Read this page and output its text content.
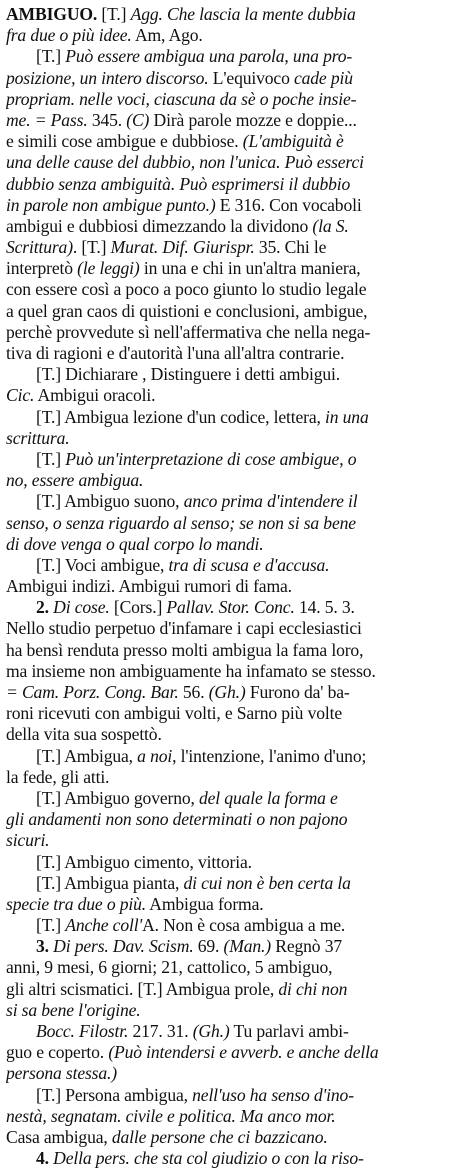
AMBIGUO. [T.] Agg. Che lascia la mente dubbia
fra due o più idee. Am, Ago.
[T.] Può essere ambigua una parola, una pro-
posizione, un intero discorso. L'equivoco cade più
propriam. nelle voci, ciascuna da sè o poche insie-
me. = Pass. 345. (C) Dirà parole mozze e doppie...
e simili cose ambigue e dubbiose. (L'ambiguità è
una delle cause del dubbio, non l'unica. Può esserci
dubbio senza ambiguità. Può esprimersi il dubbio
in parole non ambigue punto.) E 316. Con vocaboli
ambigui e dubbiosi dimezzando la dividono (la S.
Scrittura). [T.] Murat. Dif. Giurispr. 35. Chi le
interpretò (le leggi) in una e chi in un'altra maniera,
con essere così a poco a poco giunto lo studio legale
a quel gran caos di quistioni e conclusioni, ambigue,
perchè provvedute sì nell'affermativa che nella nega-
tiva di ragioni e d'autorità l'una all'altra contrarie.
[T.] Dichiarare , Distinguere i detti ambigui.
Cic. Ambigui oracoli.
[T.] Ambigua lezione d'un codice, lettera, in una
scrittura.
[T.] Può un'interpretazione di cose ambigue, o
no, essere ambigua.
[T.] Ambiguo suono, anco prima d'intendere il
senso, o senza riguardo al senso; se non si sa bene
di dove venga o qual corpo lo mandi.
[T.] Voci ambigue, tra di scusa e d'accusa.
Ambigui indizi. Ambigui rumori di fama.
2. Di cose. [Cors.] Pallav. Stor. Conc. 14. 5. 3.
Nello studio perpetuo d'infamare i capi ecclesiastici
ha bensì renduta presso molti ambigua la fama loro,
ma insieme non ambiguamente ha infamato se stesso.
= Cam. Porz. Cong. Bar. 56. (Gh.) Furono da' ba-
roni ricevuti con ambigui volti, e Sarno più volte
della vita sua sospettò.
[T.] Ambigua, a noi, l'intenzione, l'animo d'uno;
la fede, gli atti.
[T.] Ambiguo governo, del quale la forma e
gli andamenti non sono determinati o non pajono
sicuri.
[T.] Ambiguo cimento, vittoria.
[T.] Ambigua pianta, di cui non è ben certa la
specie tra due o più. Ambigua forma.
[T.] Anche coll'A. Non è cosa ambigua a me.
3. Di pers. Dav. Scism. 69. (Man.) Regnò 37
anni, 9 mesi, 6 giorni; 21, cattolico, 5 ambiguo,
gli altri scismatici. [T.] Ambigua prole, di chi non
si sa bene l'origine.
Bocc. Filostr. 217. 31. (Gh.) Tu parlavi ambi-
guo e coperto. (Può intendersi e avverb. e anche della
persona stessa.)
[T.] Persona ambigua, nell'uso ha senso d'ino-
nestà, segnatam. civile e politica. Ma anco mor.
Casa ambigua, dalle persone che ci bazzicano.
4. Della pers. che sta col giudizio o con la riso-
